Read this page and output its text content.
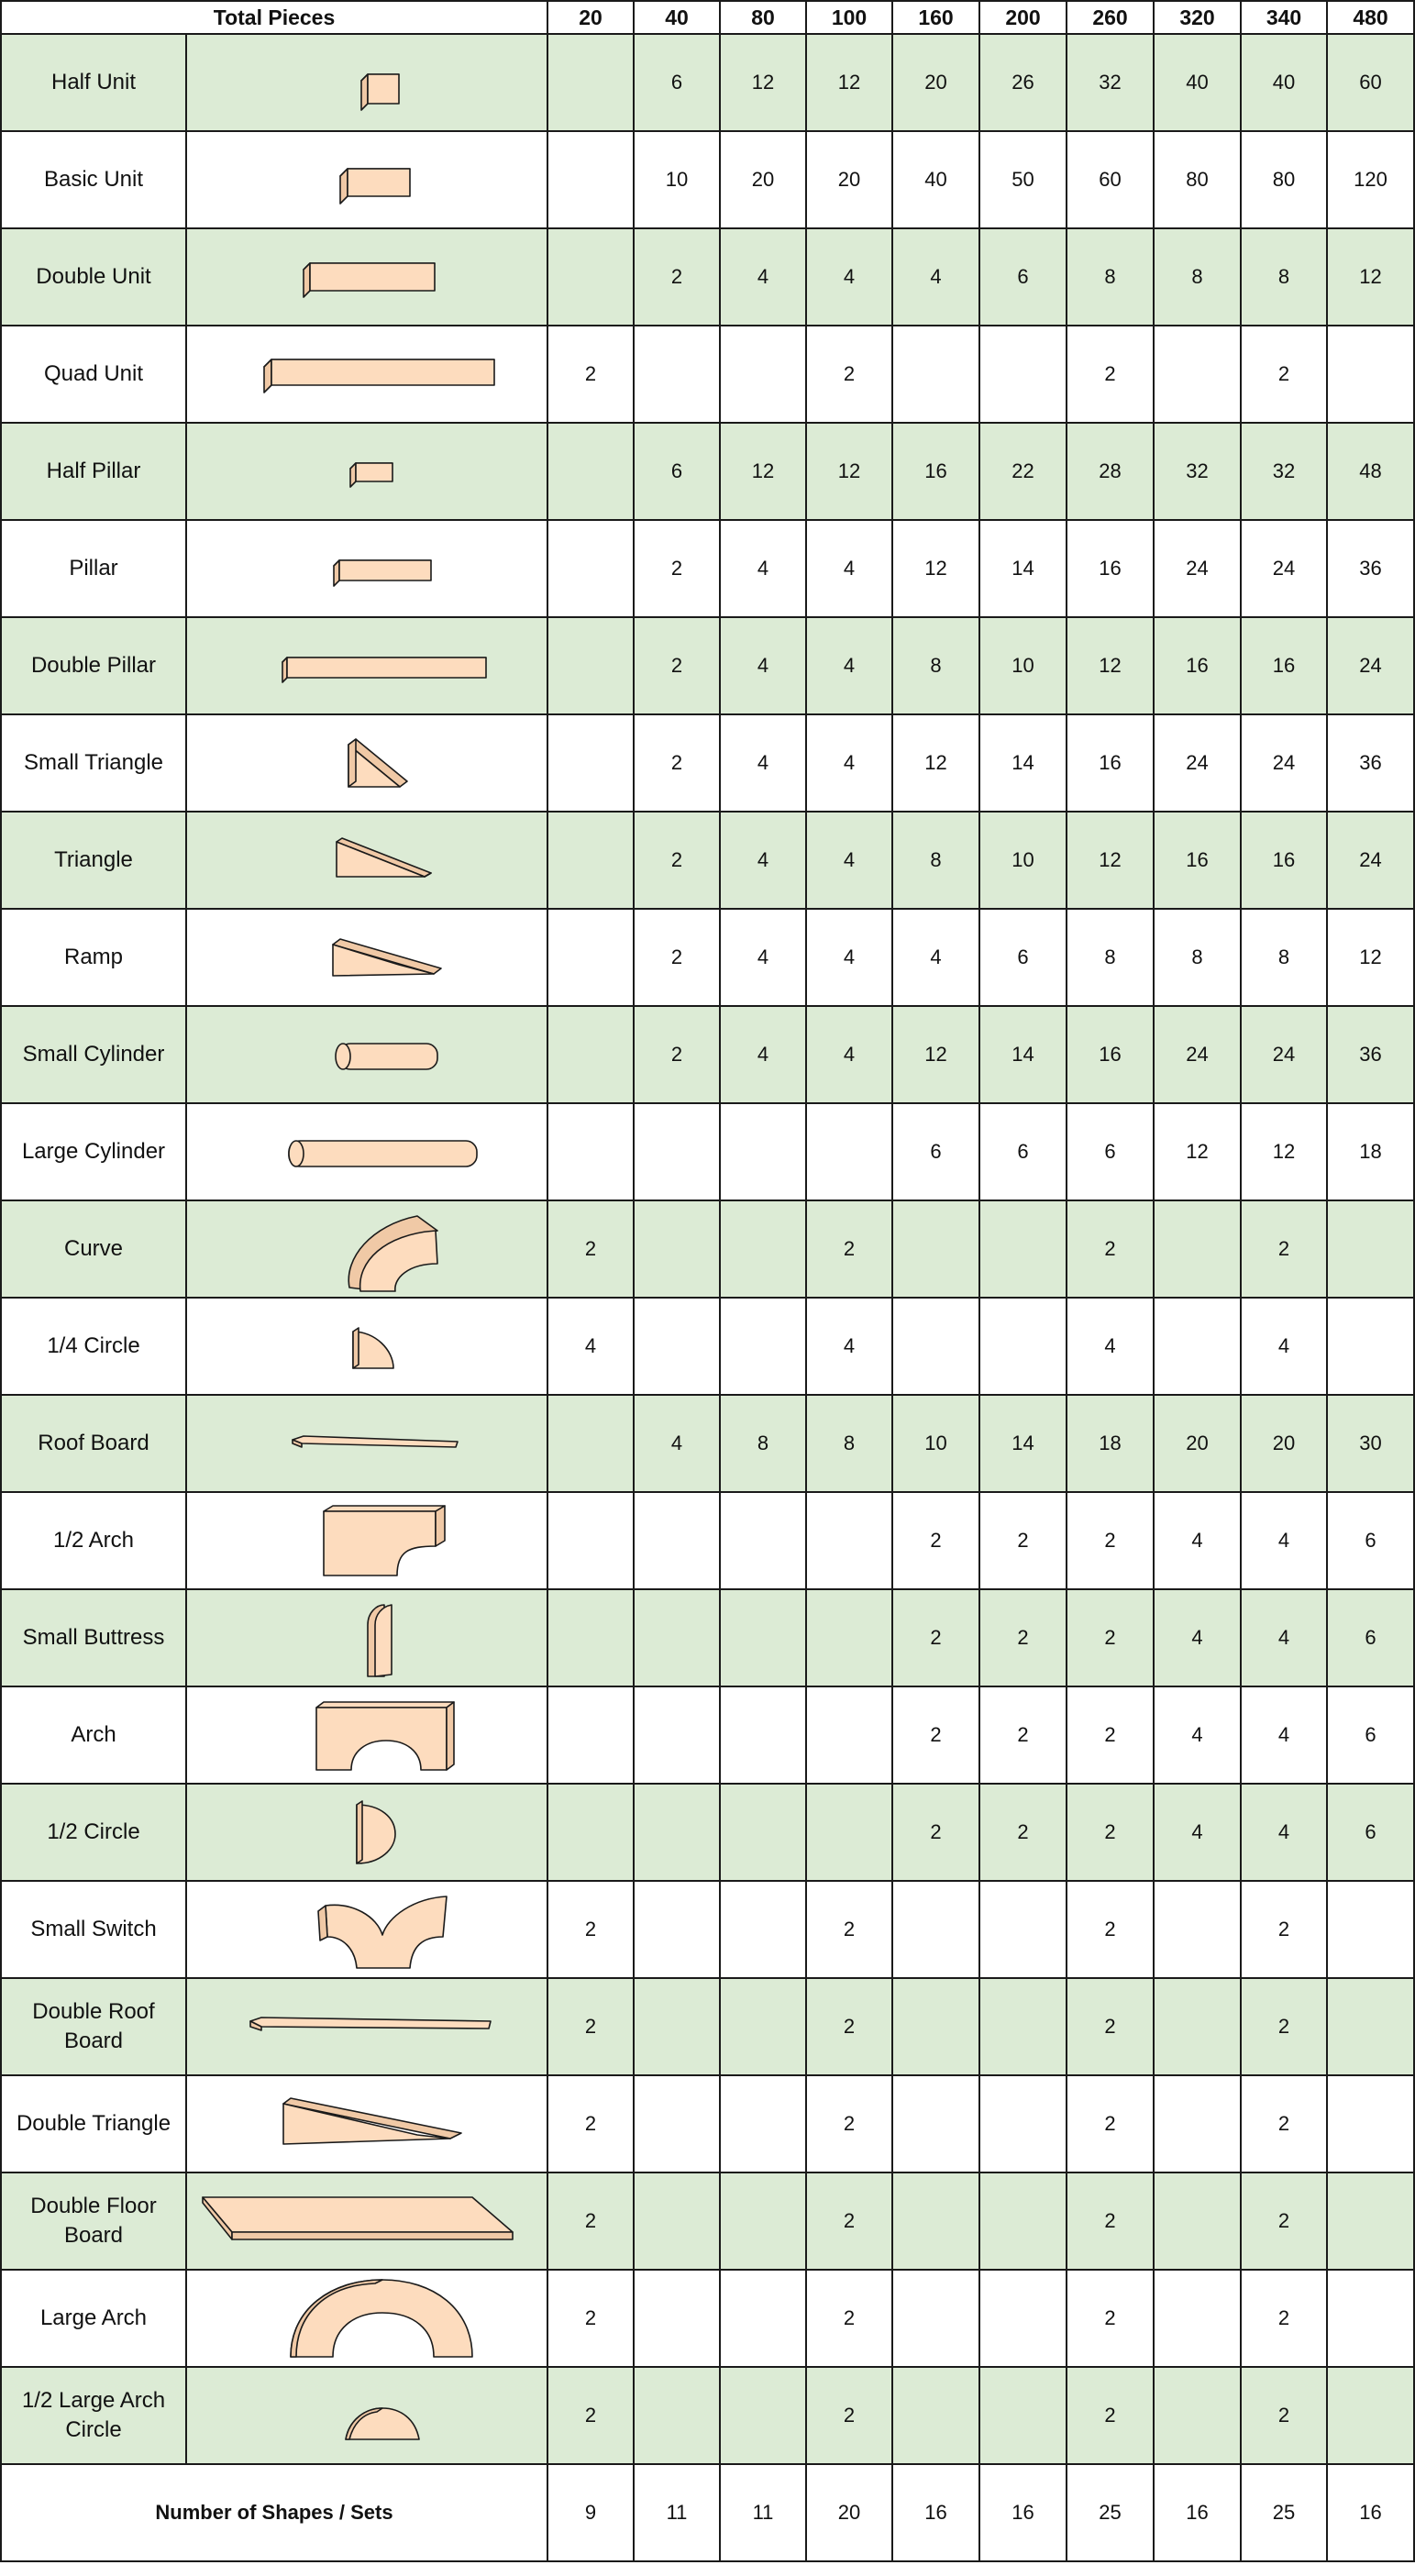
Total Pieces		20	40	80	100	160	200	260	320	340	480
Half Unit			6	12	12	20	26	32	40	40	60
Basic Unit			10	20	20	40	50	60	80	80	120
Double Unit			2	4	4	4	6	8	8	8	12
Quad Unit		2			2			2		2	
Half Pillar			6	12	12	16	22	28	32	32	48
Pillar			2	4	4	12	14	16	24	24	36
Double Pillar			2	4	4	8	10	12	16	16	24
Small Triangle			2	4	4	12	14	16	24	24	36
Triangle			2	4	4	8	10	12	16	16	24
Ramp			2	4	4	4	6	8	8	8	12
Small Cylinder			2	4	4	12	14	16	24	24	36
Large Cylinder						6	6	6	12	12	18
Curve		2			2			2		2	
1/4 Circle		4			4			4		4	
Roof Board			4	8	8	10	14	18	20	20	30
1/2 Arch						2	2	2	4	4	6
Small Buttress						2	2	2	4	4	6
Arch						2	2	2	4	4	6
1/2 Circle						2	2	2	4	4	6
Small Switch		2			2			2		2	
Double Roof Board		2			2			2		2	
Double Triangle		2			2			2		2	
Double Floor Board		2			2			2		2	
Large Arch		2			2			2		2	
1/2 Large Arch Circle		2			2			2		2	
Number of Shapes / Sets		9	11	11	20	16	16	25	16	25	16
